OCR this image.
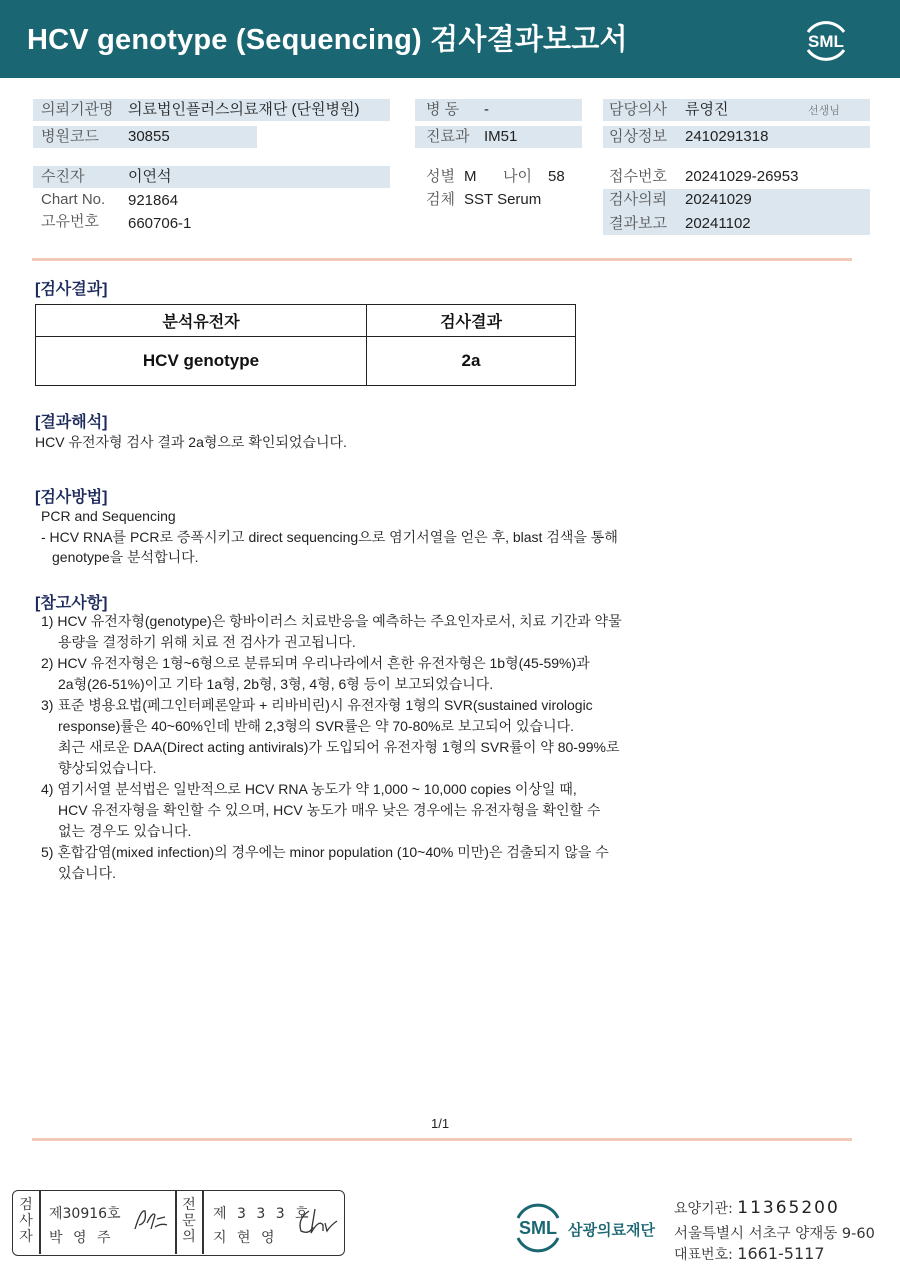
HCV genotype (Sequencing) 검사결과보고서	SML
의뢰기관명 의료법인플러스의료재단 (단원병원)
병원코드 30855
병 동 -
진료과 IM51
담당의사 류영진	선생님
임상정보 2410291318
수진자	이연석
Chart No. 921864
고유번호 660706-1
성별 M 나이 58
검체 SST Serum
접수번호 20241029-26953
검사의뢰 20241029
결과보고 20241102
[검사결과]
분석유전자	검사결과
HCV genotype	2a
[결과해석]
HCV 유전자형 검사 결과 2a형으로 확인되었습니다.
[검사방법]
PCR and Sequencing
- HCV RNA를 PCR로 증폭시키고 direct sequencing으로 염기서열을 얻은 후, blast 검색을 통해
genotype을 분석합니다.
[참고사항]
1) HCV 유전자형(genotype)은 항바이러스 치료반응을 예측하는 주요인자로서, 치료 기간과 약물
용량을 결정하기 위해 치료 전 검사가 권고됩니다.
2) HCV 유전자형은 1형~6형으로 분류되며 우리나라에서 흔한 유전자형은 1b형(45-59%)과
2a형(26-51%)이고 기타 1a형, 2b형, 3형, 4형, 6형 등이 보고되었습니다.
3) 표준 병용요법(페그인터페론알파 + 리바비린)시 유전자형 1형의 SVR(sustained virologic
response)률은 40~60%인데 반해 2,3형의 SVR률은 약 70-80%로 보고되어 있습니다.
최근 새로운 DAA(Direct acting antivirals)가 도입되어 유전자형 1형의 SVR률이 약 80-99%로
향상되었습니다.
4) 염기서열 분석법은 일반적으로 HCV RNA 농도가 약 1,000 ~ 10,000 copies 이상일 때,
HCV 유전자형을 확인할 수 있으며, HCV 농도가 매우 낮은 경우에는 유전자형을 확인할 수
없는 경우도 있습니다.
5) 혼합감염(mixed infection)의 경우에는 minor population (10~40% 미만)은 검출되지 않을 수
있습니다.
1/1
검
사
자
제30916호
박 영 주
전
문
의
제 3 3 3 호
지 현 영	SML 삼광의료재단
요양기관: 11365200
서울특별시 서초구 양재동 9-60
대표번호: 1661-5117
